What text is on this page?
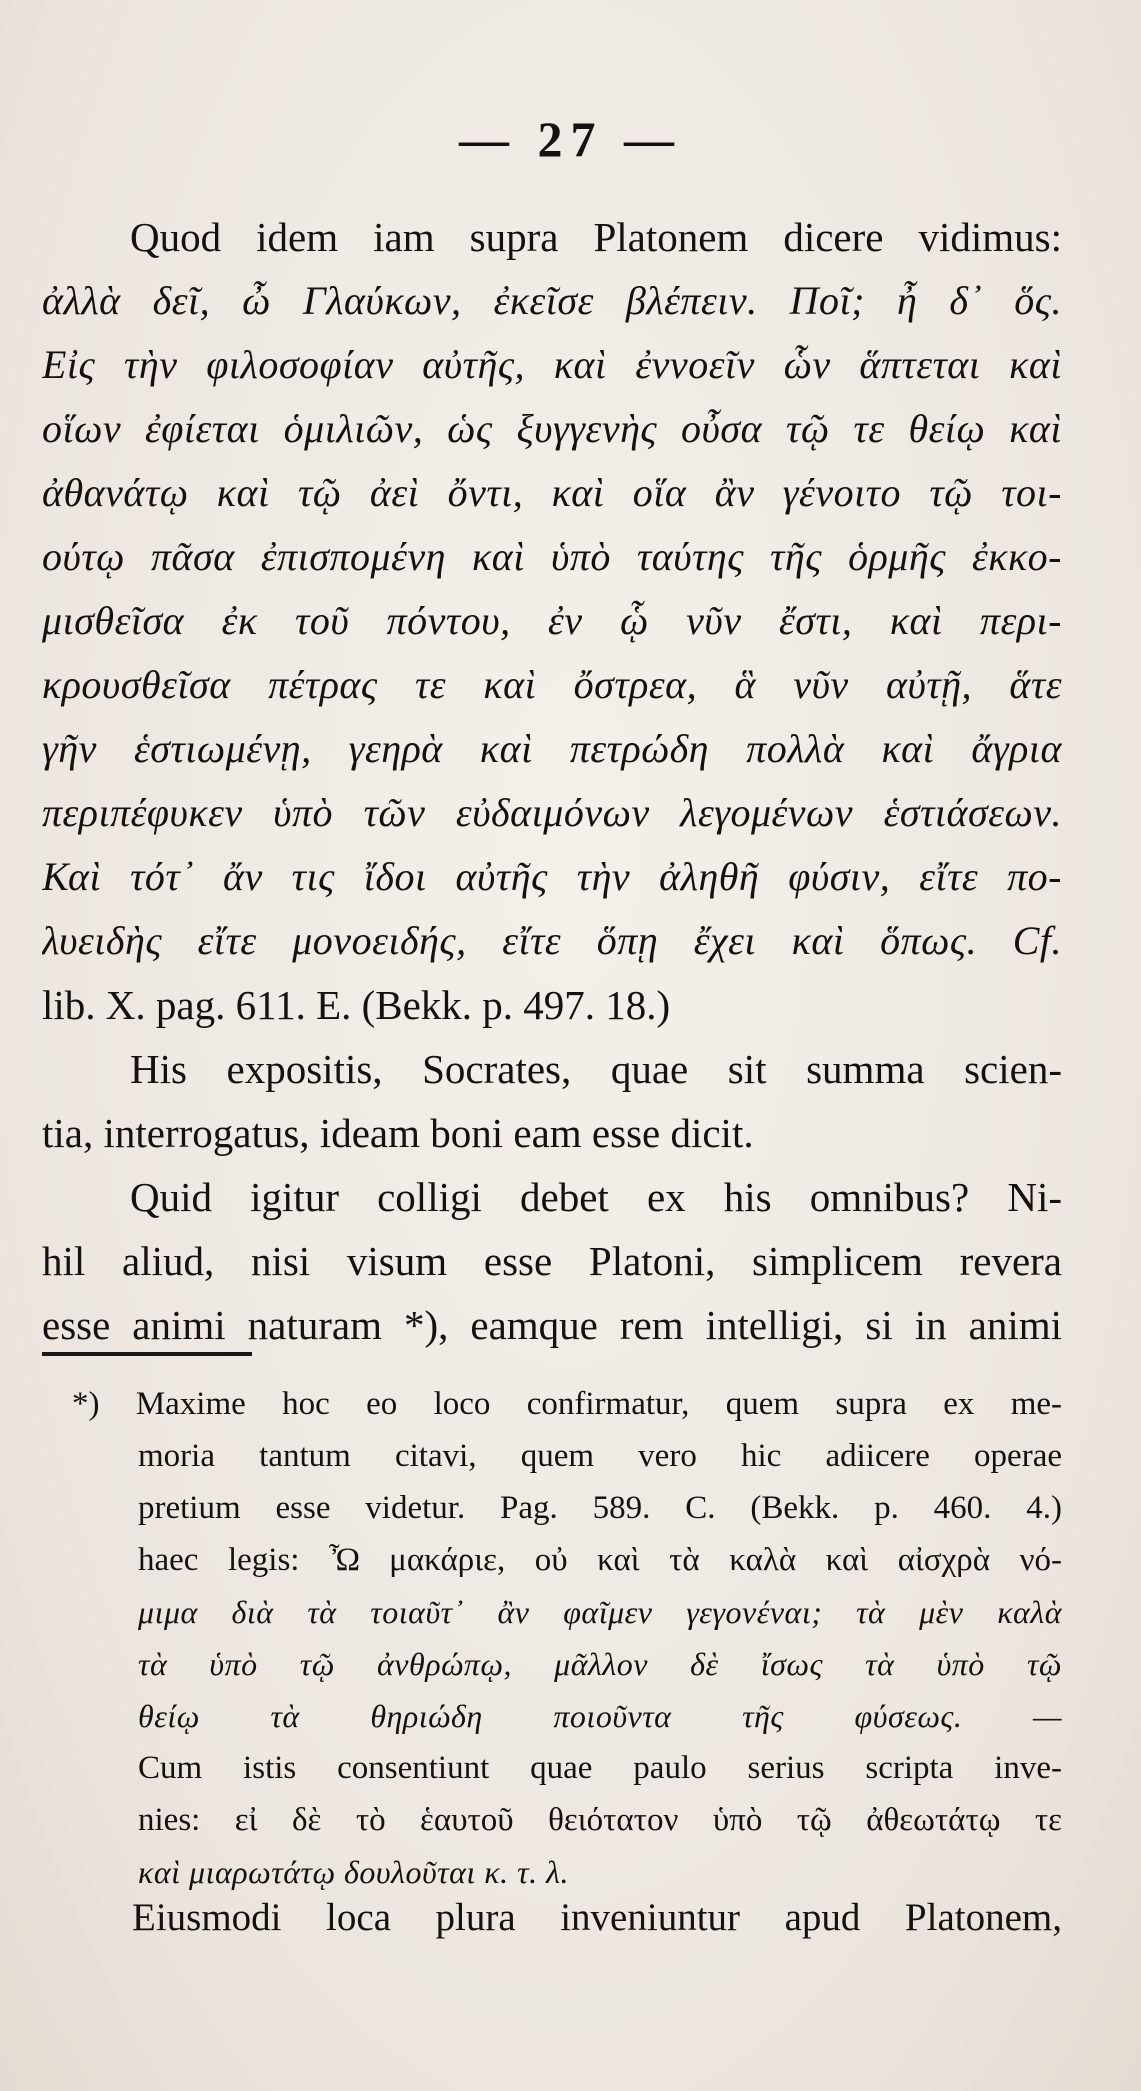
— 27 —
Quod idem iam supra Platonem dicere vidimus:
ἀλλὰ δεῖ, ὦ Γλαύκων, ἐκεῖσε βλέπειν. Ποῖ; ἦ δ᾽ ὅς.
Εἰς τὴν φιλοσοφίαν αὐτῆς, καὶ ἐννοεῖν ὧν ἅπτεται καὶ
οἵων ἐφίεται ὁμιλιῶν, ὡς ξυγγενὴς οὖσα τῷ τε θείῳ καὶ
ἀθανάτῳ καὶ τῷ ἀεὶ ὄντι, καὶ οἵα ἂν γένοιτο τῷ τοι-
ούτῳ πᾶσα ἐπισπομένη καὶ ὑπὸ ταύτης τῆς ὁρμῆς ἐκκο-
μισθεῖσα ἐκ τοῦ πόντου, ἐν ᾧ νῦν ἔστι, καὶ περι-
κρουσθεῖσα πέτρας τε καὶ ὄστρεα, ἃ νῦν αὐτῇ, ἅτε
γῆν ἑστιωμένῃ, γεηρὰ καὶ πετρώδη πολλὰ καὶ ἄγρια
περιπέφυκεν ὑπὸ τῶν εὐδαιμόνων λεγομένων ἑστιάσεων.
Καὶ τότ᾽ ἄν τις ἴδοι αὐτῆς τὴν ἀληθῆ φύσιν, εἴτε πο-
λυειδὴς εἴτε μονοειδής, εἴτε ὅπῃ ἔχει καὶ ὅπως. Cf.
lib. X. pag. 611. E. (Bekk. p. 497. 18.)
His expositis, Socrates, quae sit summa scien-
tia, interrogatus, ideam boni eam esse dicit.
Quid igitur colligi debet ex his omnibus? Ni-
hil aliud, nisi visum esse Platoni, simplicem revera
esse animi naturam *), eamque rem intelligi, si in animi
*) Maxime hoc eo loco confirmatur, quem supra ex me-
moria tantum citavi, quem vero hic adiicere operae
pretium esse videtur. Pag. 589. C. (Bekk. p. 460. 4.)
haec legis: Ὦ μακάριε, οὐ καὶ τὰ καλὰ καὶ αἰσχρὰ νό-
μιμα διὰ τὰ τοιαῦτ᾽ ἂν φαῖμεν γεγονέναι; τὰ μὲν καλὰ
τὰ ὑπὸ τῷ ἀνθρώπῳ, μᾶλλον δὲ ἴσως τὰ ὑπὸ τῷ
θείῳ τὰ θηριώδη ποιοῦντα τῆς φύσεως. —
Cum istis consentiunt quae paulo serius scripta inve-
nies: εἰ δὲ τὸ ἑαυτοῦ θειότατον ὑπὸ τῷ ἀθεωτάτῳ τε
καὶ μιαρωτάτῳ δουλοῦται κ. τ. λ.
Eiusmodi loca plura inveniuntur apud Platonem,
